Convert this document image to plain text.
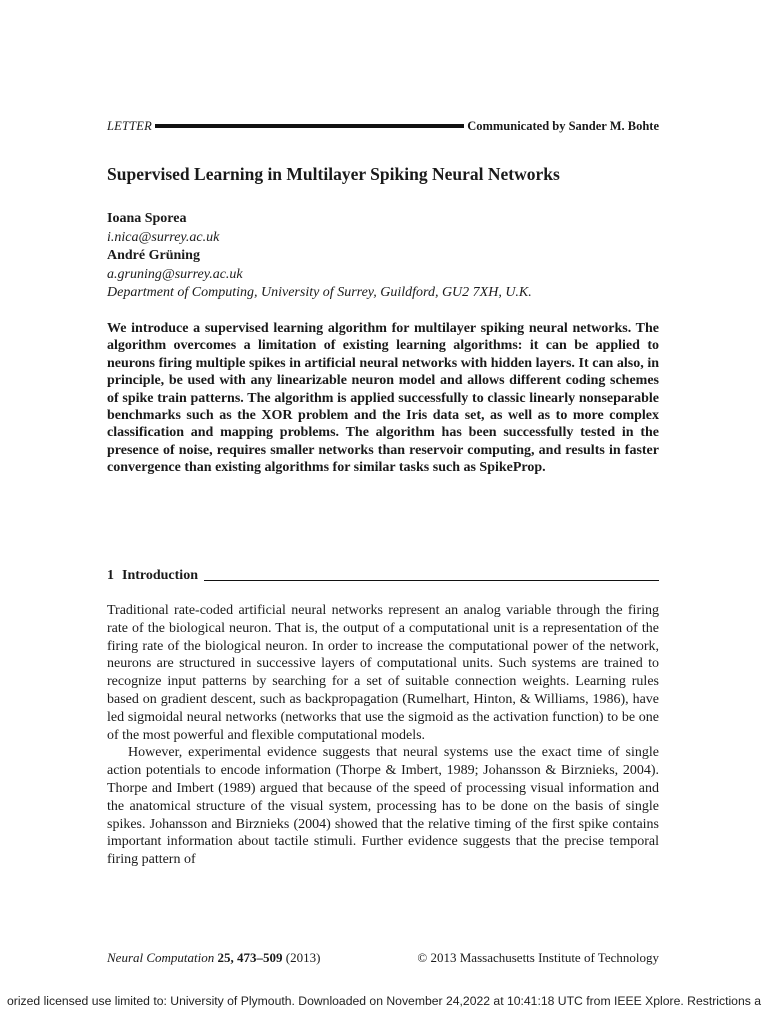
LETTER	Communicated by Sander M. Bohte
Supervised Learning in Multilayer Spiking Neural Networks
Ioana Sporea
i.nica@surrey.ac.uk
André Grüning
a.gruning@surrey.ac.uk
Department of Computing, University of Surrey, Guildford, GU2 7XH, U.K.
We introduce a supervised learning algorithm for multilayer spiking neural networks. The algorithm overcomes a limitation of existing learning algorithms: it can be applied to neurons firing multiple spikes in artificial neural networks with hidden layers. It can also, in principle, be used with any linearizable neuron model and allows different coding schemes of spike train patterns. The algorithm is applied successfully to classic linearly nonseparable benchmarks such as the XOR problem and the Iris data set, as well as to more complex classification and mapping problems. The algorithm has been successfully tested in the presence of noise, requires smaller networks than reservoir computing, and results in faster convergence than existing algorithms for similar tasks such as SpikeProp.
1 Introduction

Traditional rate-coded artificial neural networks represent an analog variable through the firing rate of the biological neuron. That is, the output of a computational unit is a representation of the firing rate of the biological neuron. In order to increase the computational power of the network, neurons are structured in successive layers of computational units. Such systems are trained to recognize input patterns by searching for a set of suitable connection weights. Learning rules based on gradient descent, such as backpropagation (Rumelhart, Hinton, & Williams, 1986), have led sigmoidal neural networks (networks that use the sigmoid as the activation function) to be one of the most powerful and flexible computational models.

However, experimental evidence suggests that neural systems use the exact time of single action potentials to encode information (Thorpe & Imbert, 1989; Johansson & Birznieks, 2004). Thorpe and Imbert (1989) argued that because of the speed of processing visual information and the anatomical structure of the visual system, processing has to be done on the basis of single spikes. Johansson and Birznieks (2004) showed that the relative timing of the first spike contains important information about tactile stimuli. Further evidence suggests that the precise temporal firing pattern of

Neural Computation 25, 473–509 (2013)	© 2013 Massachusetts Institute of Technology
orized licensed use limited to: University of Plymouth. Downloaded on November 24,2022 at 10:41:18 UTC from IEEE Xplore. Restrictions a
